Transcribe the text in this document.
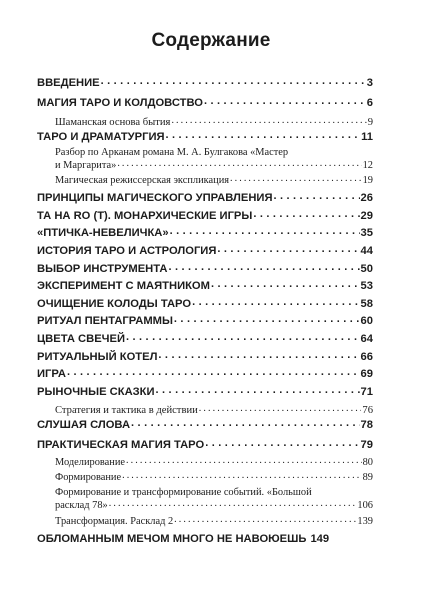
Содержание
ВВЕДЕНИЕ . . .	3
МАГИЯ ТАРО И КОЛДОВСТВО . . .	6
Шаманская основа бытия . . .	9
ТАРО И ДРАМАТУРГИЯ . . .	11
Разбор по Арканам романа М. А. Булгакова «Мастер
и Маргарита» . . .	12
Магическая режиссерская экспликация . . .	19
ПРИНЦИПЫ МАГИЧЕСКОГО УПРАВЛЕНИЯ . . .	26
ТА НА RO (Т). МОНАРХИЧЕСКИЕ ИГРЫ . . .	29
«ПТИЧКА-НЕВЕЛИЧКА» . . .	35
ИСТОРИЯ ТАРО И АСТРОЛОГИЯ . . .	44
ВЫБОР ИНСТРУМЕНТА . . .	50
ЭКСПЕРИМЕНТ С МАЯТНИКОМ . . .	53
ОЧИЩЕНИЕ КОЛОДЫ ТАРО . . .	58
РИТУАЛ ПЕНТАГРАММЫ . . .	60
ЦВЕТА СВЕЧЕЙ . . .	64
РИТУАЛЬНЫЙ КОТЕЛ . . .	66
ИГРА . . .	69
РЫНОЧНЫЕ СКАЗКИ . . .	71
Стратегия и тактика в действии . . .	76
СЛУШАЯ СЛОВА . . .	78
ПРАКТИЧЕСКАЯ МАГИЯ ТАРО . . .	79
Моделирование . . .	80
Формирование . . .	89
Формирование и трансформирование событий. «Большой
расклад 78» . . .	106
Трансформация. Расклад 2 . . .	139
ОБЛОМАННЫМ МЕЧОМ МНОГО НЕ НАВОЮЕШЬ 149
